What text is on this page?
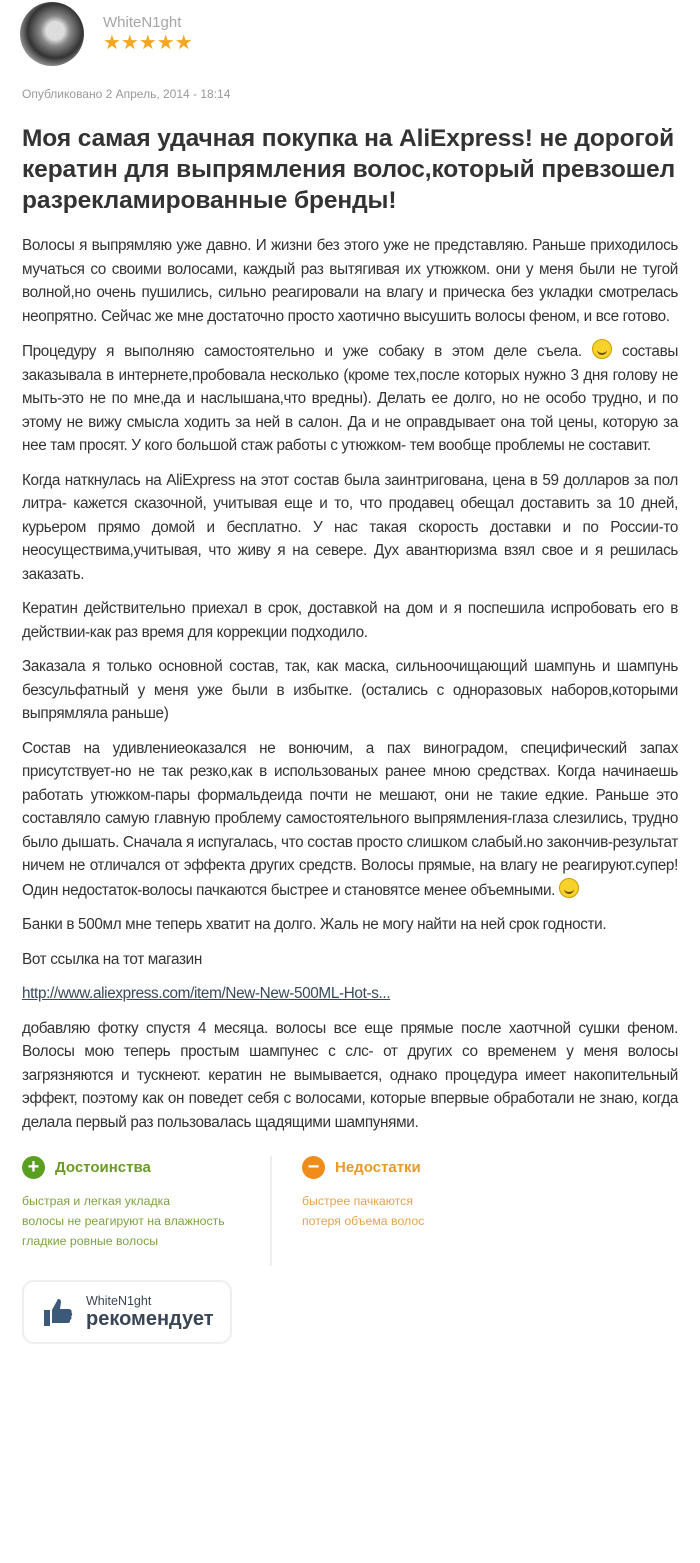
WhiteN1ght
★★★★★
Опубликовано 2 Апрель, 2014 - 18:14
Моя самая удачная покупка на AliExpress! не дорогой кератин для выпрямления волос,который превзошел разрекламированные бренды!

Волосы я выпрямляю уже давно. И жизни без этого уже не представляю. Раньше приходилось мучаться со своими волосами, каждый раз вытягивая их утюжком. они у меня были не тугой волной,но очень пушились, сильно реагировали на влагу и прическа без укладки смотрелась неопрятно. Сейчас же мне достаточно просто хаотично высушить волосы феном, и все готово.

Процедуру я выполняю самостоятельно и уже собаку в этом деле съела.	составы заказывала в интернете,пробовала несколько (кроме тех,после которых нужно 3 дня голову не мыть-это не по мне,да и наслышана,что вредны). Делать ее долго, но не особо трудно, и по этому не вижу смысла ходить за ней в салон. Да и не оправдывает она той цены, которую за нее там просят. У кого большой стаж работы с утюжком- тем вообще проблемы не составит.

Когда наткнулась на AliExpress на этот состав была заинтригована, цена в 59 долларов за пол литра- кажется сказочной, учитывая еще и то, что продавец обещал доставить за 10 дней, курьером прямо домой и бесплатно. У нас такая скорость доставки и по России-то неосуществима,учитывая, что живу я на севере. Дух авантюризма взял свое и я решилась заказать.

Кератин действительно приехал в срок, доставкой на дом и я поспешила испробовать его в действии-как раз время для коррекции подходило.

Заказала я только основной состав, так, как маска, сильноочищающий шампунь и шампунь безсульфатный у меня уже были в избытке. (остались с одноразовых наборов,которыми выпрямляла раньше)

Состав на удивлениеоказался не вонючим, а пах виноградом, специфический запах присутствует-но не так резко,как в использованых ранее мною средствах. Когда начинаешь работать утюжком-пары формальдеида почти не мешают, они не такие едкие. Раньше это составляло самую главную проблему самостоятельного выпрямления-глаза слезились, трудно было дышать. Сначала я испугалась, что состав просто слишком слабый.но закончив-результат ничем не отличался от эффекта других средств. Волосы прямые, на влагу не реагируют.супер! Один недостаток-волосы пачкаются быстрее и становятсе менее объемными.

Банки в 500мл мне теперь хватит на долго. Жаль не могу найти на ней срок годности.

Вот ссылка на тот магазин

http://www.aliexpress.com/item/New-New-500ML-Hot-s...

добавляю фотку спустя 4 месяца. волосы все еще прямые после хаотчной сушки феном. Волосы мою теперь простым шампунес с слс- от других со временем у меня волосы загрязняются и тускнеют. кератин не вымывается, однако процедура имеет накопительный эффект, поэтому как он поведет себя с волосами, которые впервые обработали не знаю, когда делала первый раз пользовалась щадящими шампунями.

+	Достоинства
быстрая и легкая укладка
волосы не реагируют на влажность
гладкие ровные волосы
−	Недостатки
быстрее пачкаются
потеря объема волос
WhiteN1ght
рекомендует
